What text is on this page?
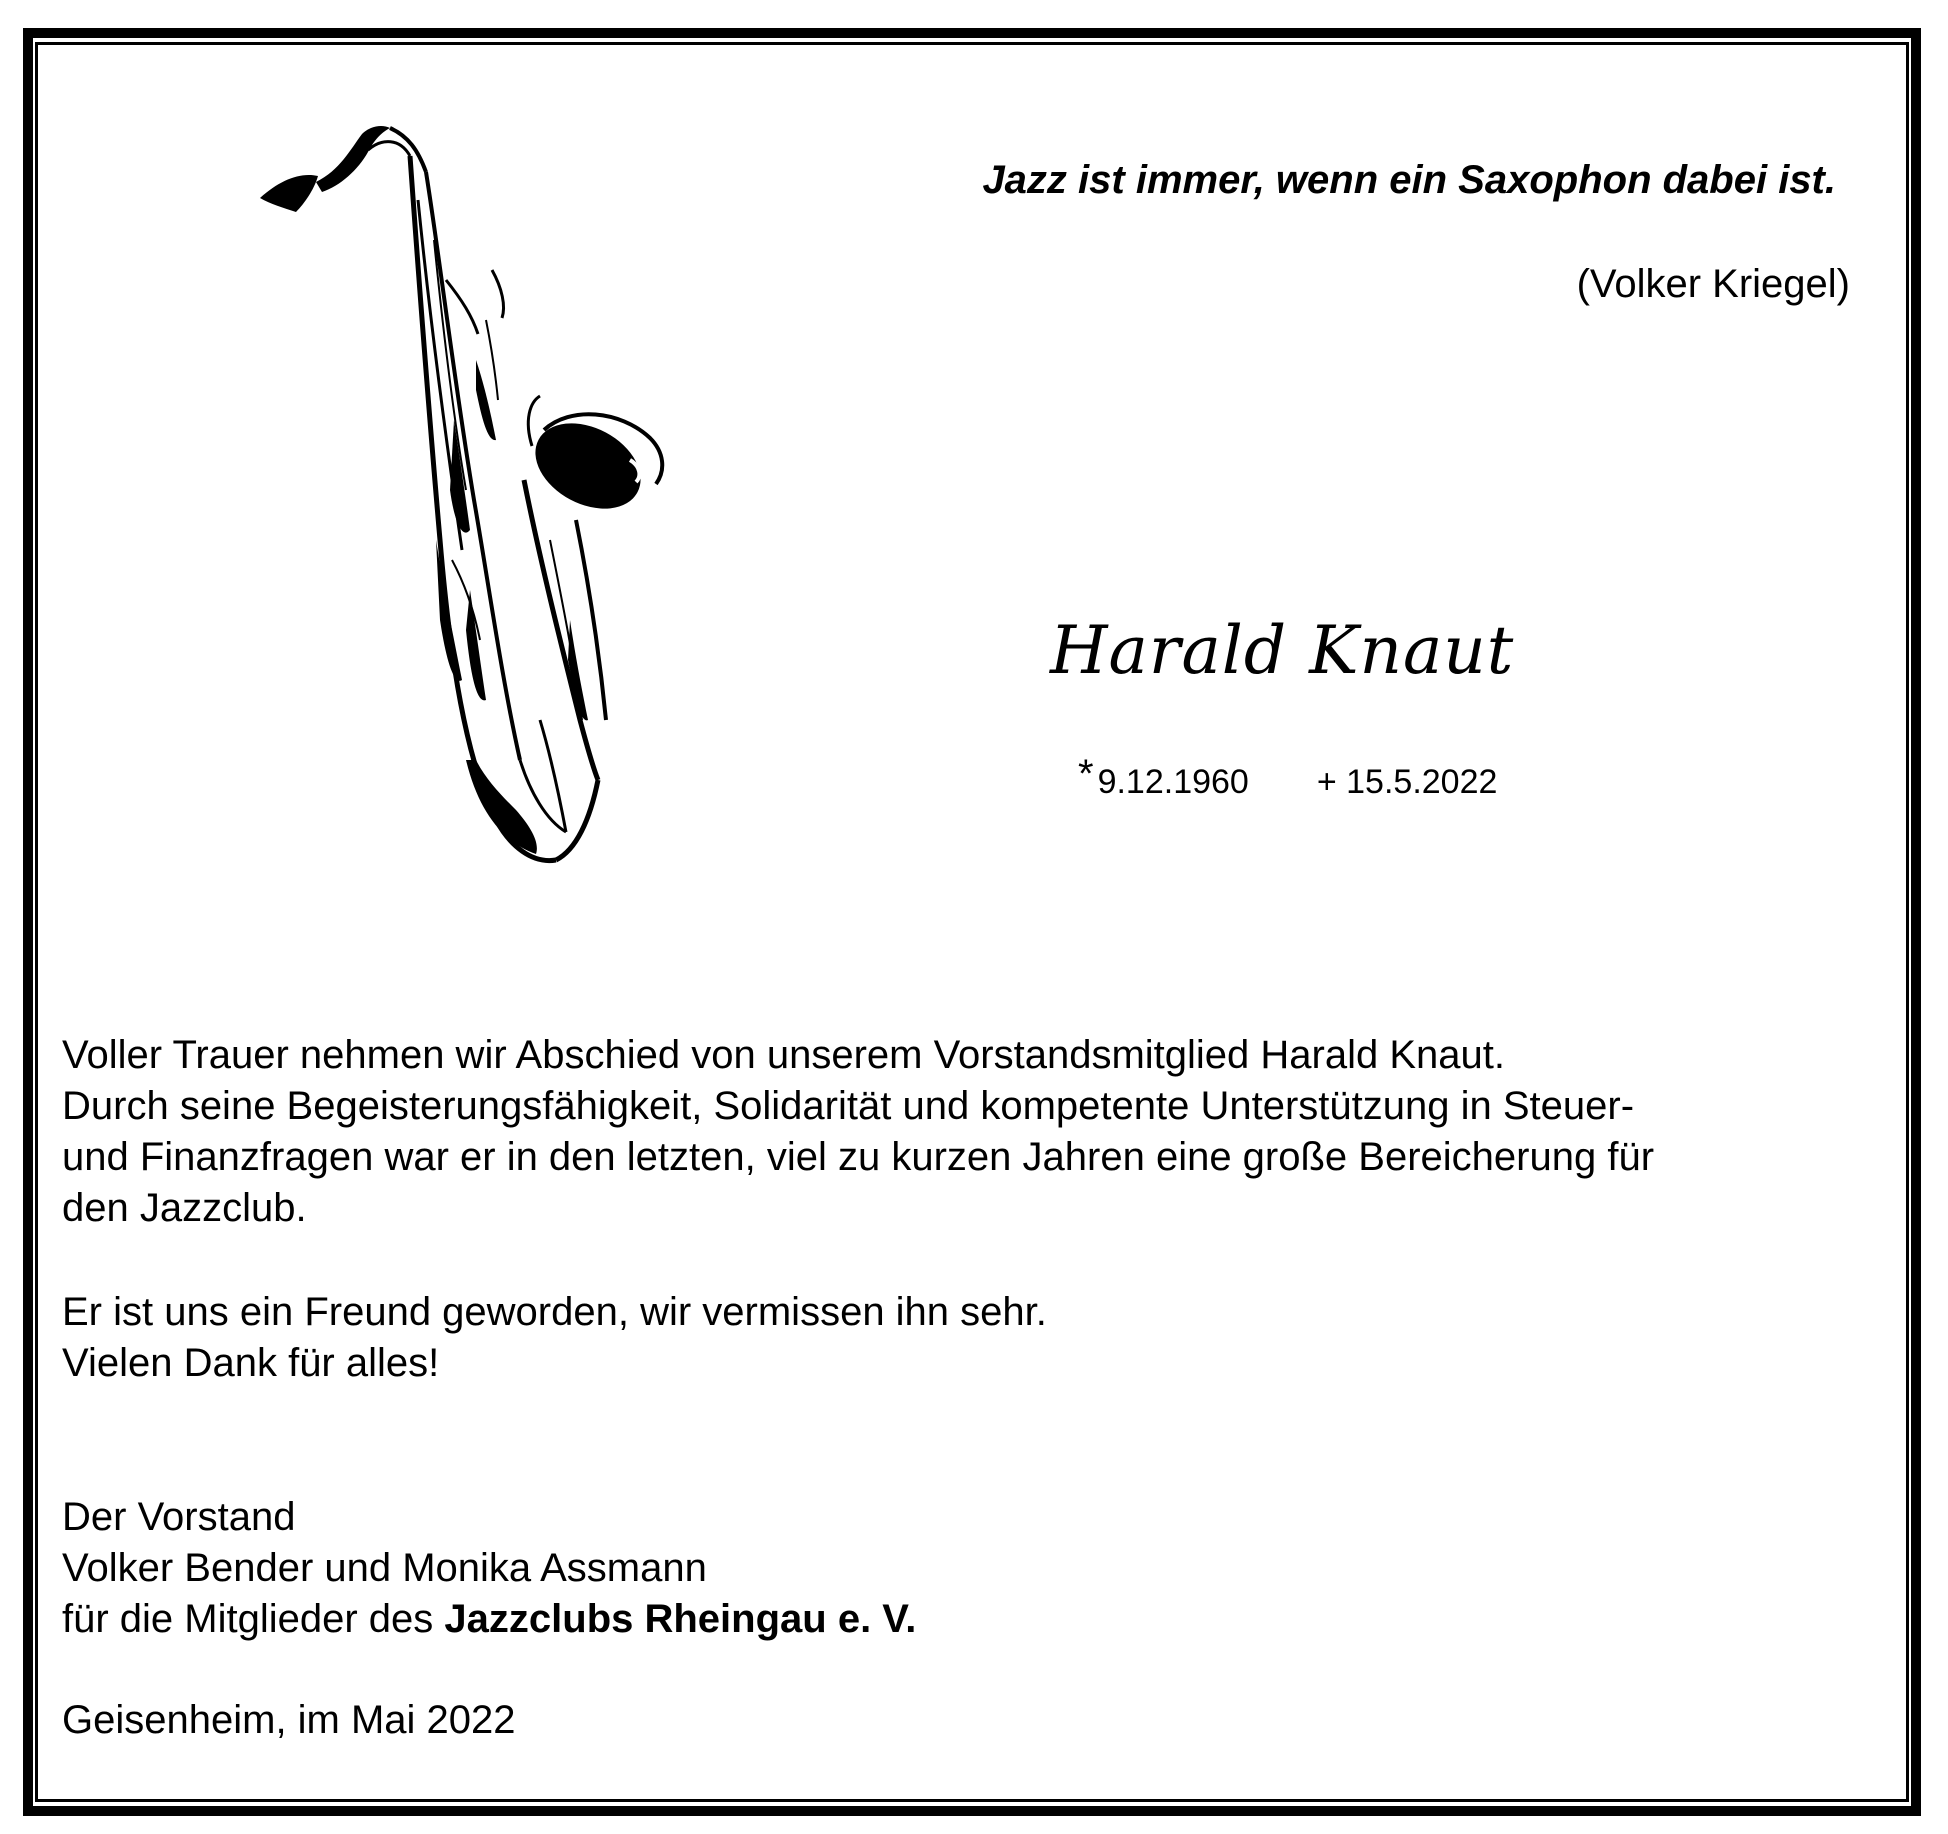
Jazz ist immer, wenn ein Saxophon dabei ist.
(Volker Kriegel)
Harald Knaut
* 9.12.1960 + 15.5.2022
Voller Trauer nehmen wir Abschied von unserem Vorstandsmitglied Harald Knaut.
Durch seine Begeisterungsfähigkeit, Solidarität und kompetente Unterstützung in Steuer-
und Finanzfragen war er in den letzten, viel zu kurzen Jahren eine große Bereicherung für
den Jazzclub.
Er ist uns ein Freund geworden, wir vermissen ihn sehr.
Vielen Dank für alles!
Der Vorstand
Volker Bender und Monika Assmann
für die Mitglieder des Jazzclubs Rheingau e. V.
Geisenheim, im Mai 2022
